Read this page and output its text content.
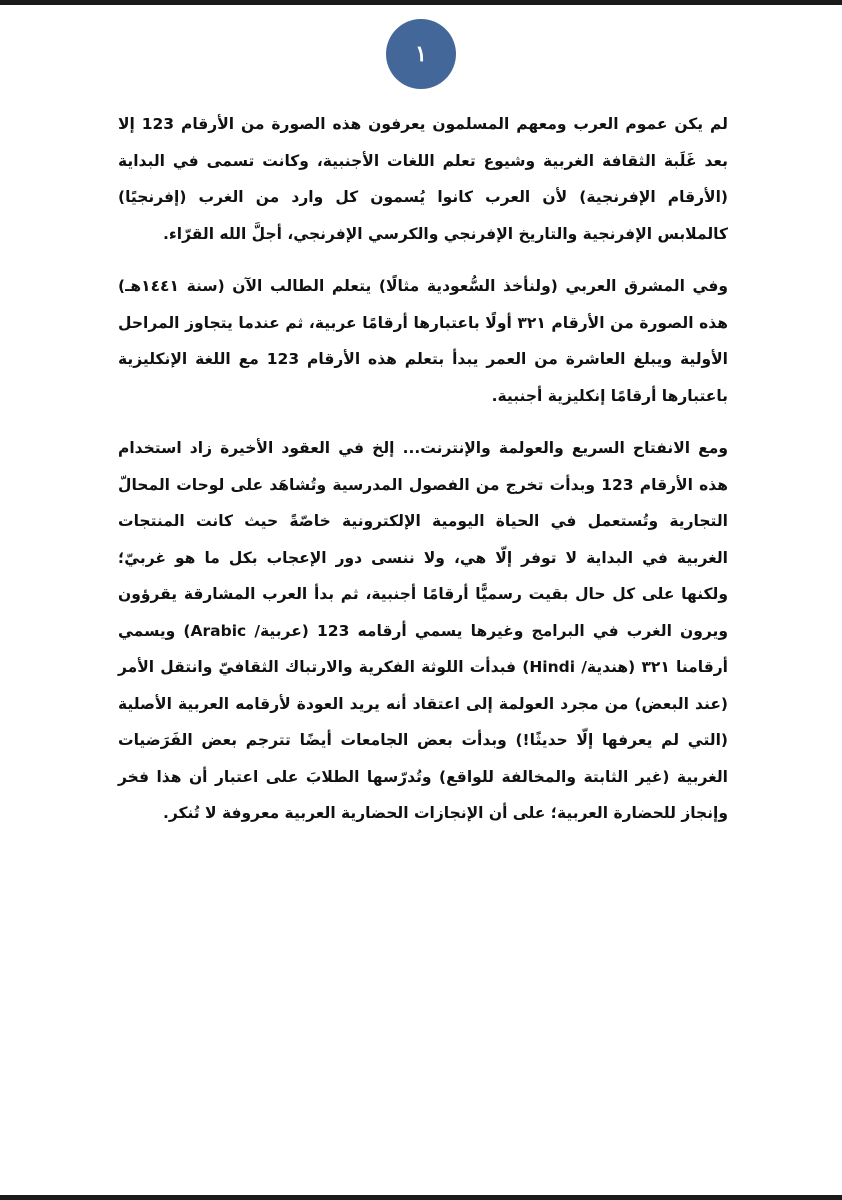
١

لم يكن عموم العرب ومعهم المسلمون يعرفون هذه الصورة من الأرقام 123 إلا بعد غَلَبة الثقافة الغربية وشيوع تعلم اللغات الأجنبية، وكانت تسمى في البداية (الأرقام الإفرنجية) لأن العرب كانوا يُسمون كل وارد من الغرب (إفرنجيًا) كالملابس الإفرنجية والتاريخ الإفرنجي والكرسي الإفرنجي، أجلَّ الله القرّاء.

وفي المشرق العربي (ولنأخذ السُّعودية مثالًا) يتعلم الطالب الآن (سنة ١٤٤١هـ) هذه الصورة من الأرقام ٣٢١ أولًا باعتبارها أرقامًا عربية، ثم عندما يتجاوز المراحل الأولية ويبلغ العاشرة من العمر يبدأ بتعلم هذه الأرقام 123 مع اللغة الإنكليزية باعتبارها أرقامًا إنكليزية أجنبية.

ومع الانفتاح السريع والعولمة والإنترنت... إلخ في العقود الأخيرة زاد استخدام هذه الأرقام 123 وبدأت تخرج من الفصول المدرسية وتُشاهَد على لوحات المحالّ التجارية وتُستعمل في الحياة اليومية الإلكترونية خاصّةً حيث كانت المنتجات الغربية في البداية لا توفر إلّا هي، ولا ننسى دور الإعجاب بكل ما هو غربيّ؛ ولكنها على كل حال بقيت رسميًّا أرقامًا أجنبية، ثم بدأ العرب المشارقة يقرؤون ويرون الغرب في البرامج وغيرها يسمي أرقامه 123 (عربية/ Arabic) ويسمي أرقامنا ٣٢١ (هندية/ Hindi) فبدأت اللوثة الفكرية والارتباك الثقافيّ وانتقل الأمر (عند البعض) من مجرد العولمة إلى اعتقاد أنه يريد العودة لأرقامه العربية الأصلية (التي لم يعرفها إلّا حديثًا!) وبدأت بعض الجامعات أيضًا تترجم بعض الفَرَضيات الغربية (غير الثابتة والمخالفة للواقع) وتُدرّسها الطلابَ على اعتبار أن هذا فخر وإنجاز للحضارة العربية؛ على أن الإنجازات الحضارية العربية معروفة لا تُنكر.
